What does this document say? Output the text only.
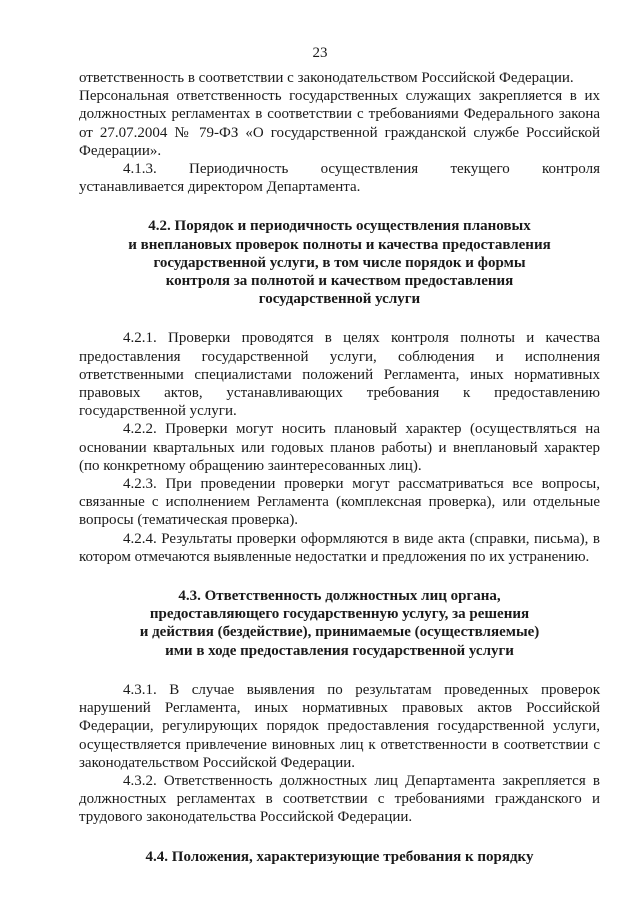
23

ответственность в соответствии с законодательством Российской Федерации.

Персональная ответственность государственных служащих закрепляется в их должностных регламентах в соответствии с требованиями Федерального закона от 27.07.2004 № 79-ФЗ «О государственной гражданской службе Российской Федерации».

4.1.3. Периодичность осуществления текущего контроля

устанавливается директором Департамента.

4.2. Порядок и периодичность осуществления плановых
и внеплановых проверок полноты и качества предоставления
государственной услуги, в том числе порядок и формы
контроля за полнотой и качеством предоставления
государственной услуги

4.2.1. Проверки проводятся в целях контроля полноты и качества предоставления государственной услуги, соблюдения и исполнения ответственными специалистами положений Регламента, иных нормативных правовых актов, устанавливающих требования к предоставлению государственной услуги.

4.2.2. Проверки могут носить плановый характер (осуществляться на основании квартальных или годовых планов работы) и внеплановый характер (по конкретному обращению заинтересованных лиц).

4.2.3. При проведении проверки могут рассматриваться все вопросы, связанные с исполнением Регламента (комплексная проверка), или отдельные вопросы (тематическая проверка).

4.2.4. Результаты проверки оформляются в виде акта (справки, письма), в котором отмечаются выявленные недостатки и предложения по их устранению.

4.3. Ответственность должностных лиц органа,
предоставляющего государственную услугу, за решения
и действия (бездействие), принимаемые (осуществляемые)
ими в ходе предоставления государственной услуги

4.3.1. В случае выявления по результатам проведенных проверок нарушений Регламента, иных нормативных правовых актов Российской Федерации, регулирующих порядок предоставления государственной услуги, осуществляется привлечение виновных лиц к ответственности в соответствии с законодательством Российской Федерации.

4.3.2. Ответственность должностных лиц Департамента закрепляется в должностных регламентах в соответствии с требованиями гражданского и трудового законодательства Российской Федерации.

4.4. Положения, характеризующие требования к порядку
